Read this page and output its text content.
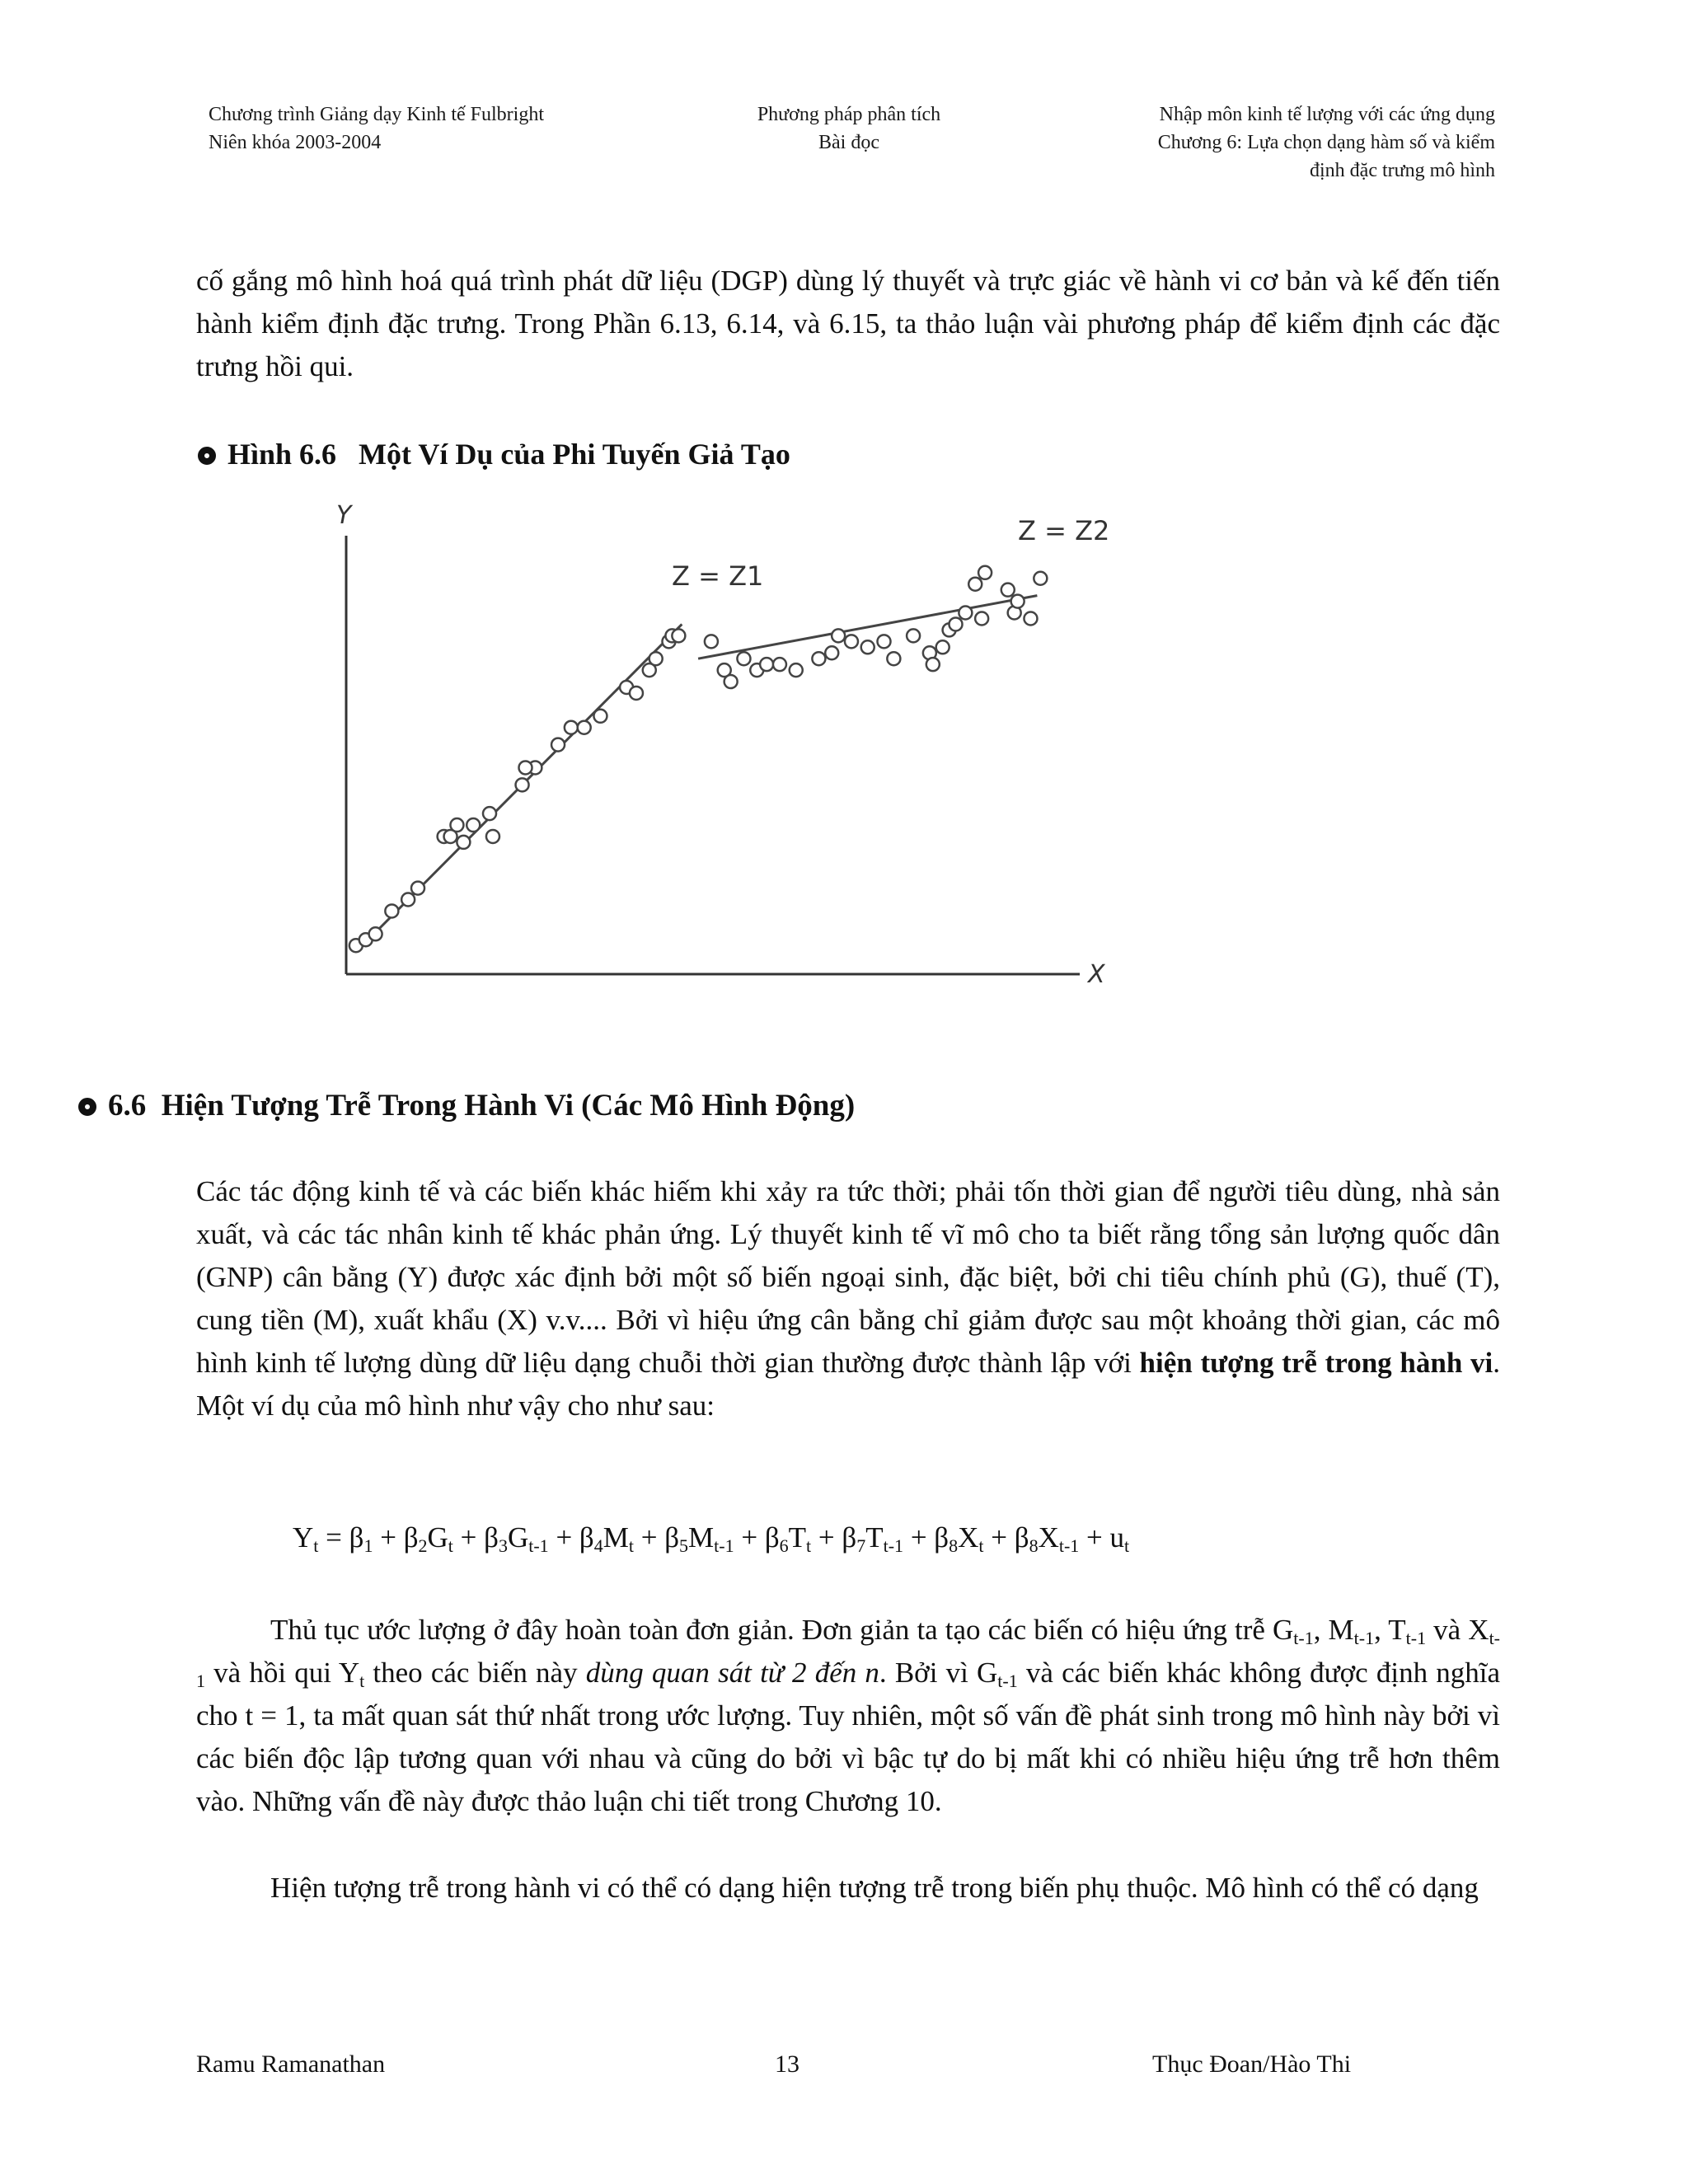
Chương trình Giảng dạy Kinh tế Fulbright
Niên khóa 2003-2004
Phương pháp phân tích
Bài đọc
Nhập môn kinh tế lượng với các ứng dụng
Chương 6: Lựa chọn dạng hàm số và kiểm
định đặc trưng mô hình
cố gắng mô hình hoá quá trình phát dữ liệu (DGP) dùng lý thuyết và trực giác về hành vi cơ bản và kế đến tiến hành kiểm định đặc trưng. Trong Phần 6.13, 6.14, và 6.15, ta thảo luận vài phương pháp để kiểm định các đặc trưng hồi qui.
Hình 6.6 Một Ví Dụ của Phi Tuyến Giả Tạo
Y
X
Z = Z1
Z = Z2
6.6 Hiện Tượng Trễ Trong Hành Vi (Các Mô Hình Động)
Các tác động kinh tế và các biến khác hiếm khi xảy ra tức thời; phải tốn thời gian để người tiêu dùng, nhà sản xuất, và các tác nhân kinh tế khác phản ứng. Lý thuyết kinh tế vĩ mô cho ta biết rằng tổng sản lượng quốc dân (GNP) cân bằng (Y) được xác định bởi một số biến ngoại sinh, đặc biệt, bởi chi tiêu chính phủ (G), thuế (T), cung tiền (M), xuất khẩu (X) v.v.... Bởi vì hiệu ứng cân bằng chỉ giảm được sau một khoảng thời gian, các mô hình kinh tế lượng dùng dữ liệu dạng chuỗi thời gian thường được thành lập với hiện tượng trễ trong hành vi. Một ví dụ của mô hình như vậy cho như sau:
$Y_t = \beta_1 + \beta_2G_t + \beta_3G_{t-1} + \beta_4M_t + \beta_5M_{t-1} + \beta_6T_t + \beta_7T_{t-1} + \beta_8X_t + \beta_8X_{t-1} + u_t$
Thủ tục ước lượng ở đây hoàn toàn đơn giản. Đơn giản ta tạo các biến có hiệu ứng trễ $G_{t-1}$, $M_{t-1}$, $T_{t-1}$ và $X_{t-1}$ và hồi qui $Y_t$ theo các biến này dùng quan sát từ 2 đến n. Bởi vì $G_{t-1}$ và các biến khác không được định nghĩa cho t = 1, ta mất quan sát thứ nhất trong ước lượng. Tuy nhiên, một số vấn đề phát sinh trong mô hình này bởi vì các biến độc lập tương quan với nhau và cũng do bởi vì bậc tự do bị mất khi có nhiều hiệu ứng trễ hơn thêm vào. Những vấn đề này được thảo luận chi tiết trong Chương 10.
Hiện tượng trễ trong hành vi có thể có dạng hiện tượng trễ trong biến phụ thuộc. Mô hình có thể có dạng
Ramu Ramanathan	13	Thục Đoan/Hào Thi
